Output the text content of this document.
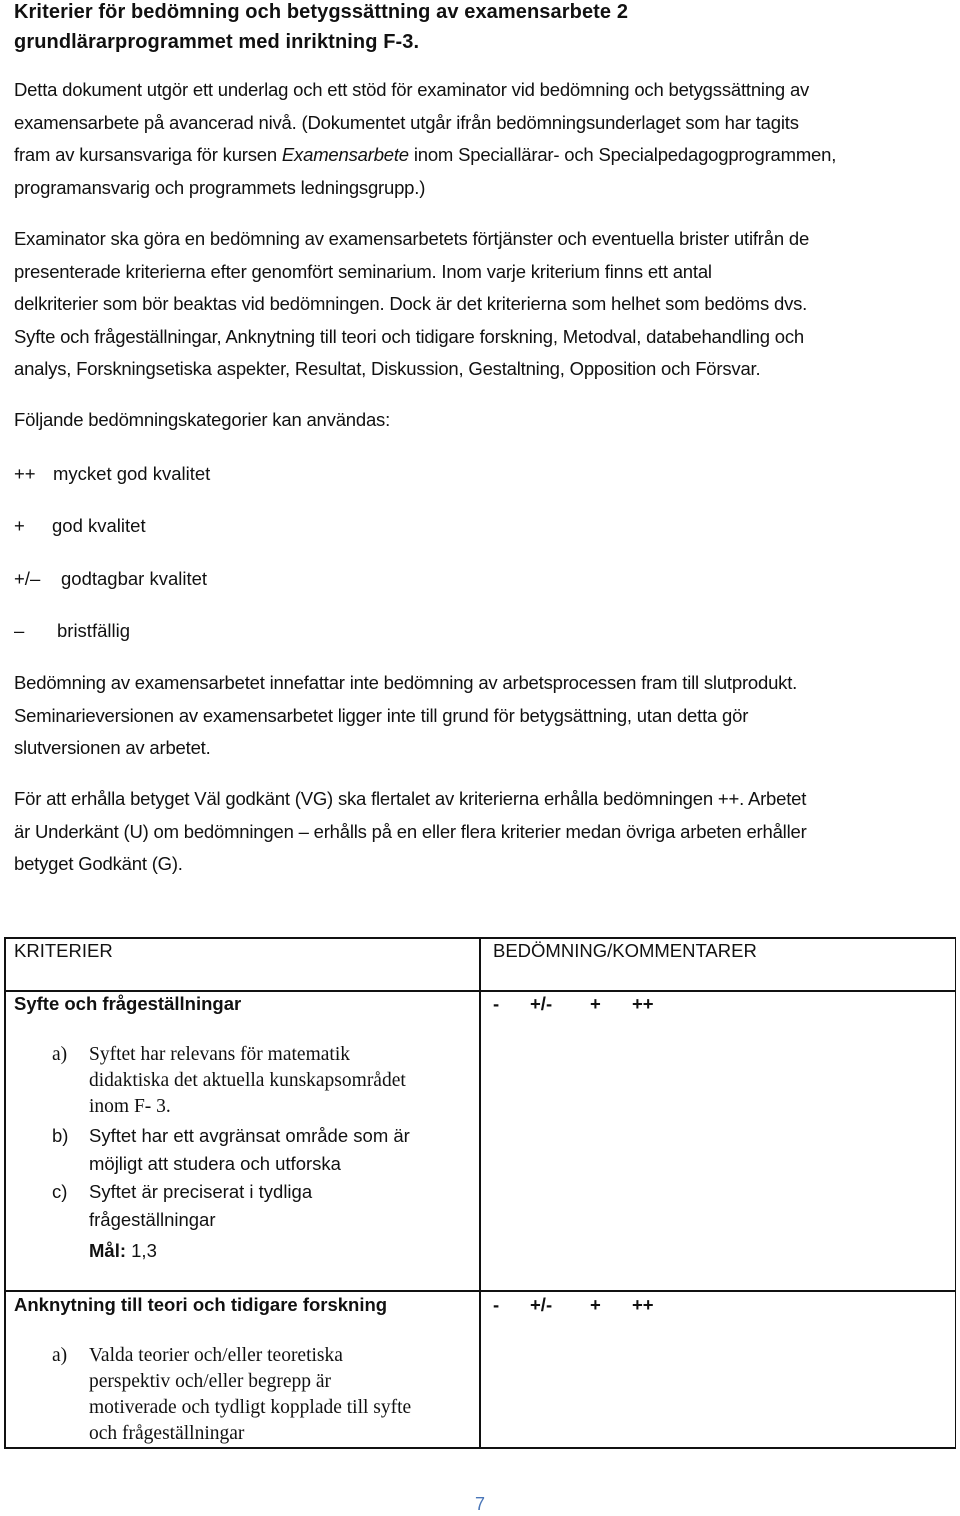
Kriterier för bedömning och betygssättning av examensarbete 2
grundlärarprogrammet med inriktning F-3.
Detta dokument utgör ett underlag och ett stöd för examinator vid bedömning och betygssättning av
examensarbete på avancerad nivå. (Dokumentet utgår ifrån bedömningsunderlaget som har tagits
fram av kursansvariga för kursen Examensarbete inom Speciallärar- och Specialpedagogprogrammen,
programansvarig och programmets ledningsgrupp.)
Examinator ska göra en bedömning av examensarbetets förtjänster och eventuella brister utifrån de
presenterade kriterierna efter genomfört seminarium. Inom varje kriterium finns ett antal
delkriterier som bör beaktas vid bedömningen. Dock är det kriterierna som helhet som bedöms dvs.
Syfte och frågeställningar, Anknytning till teori och tidigare forskning, Metodval, databehandling och
analys, Forskningsetiska aspekter, Resultat, Diskussion, Gestaltning, Opposition och Försvar.
Följande bedömningskategorier kan användas:
++ mycket god kvalitet
+ god kvalitet
+/– godtagbar kvalitet
– bristfällig
Bedömning av examensarbetet innefattar inte bedömning av arbetsprocessen fram till slutprodukt.
Seminarieversionen av examensarbetet ligger inte till grund för betygsättning, utan detta gör
slutversionen av arbetet.
För att erhålla betyget Väl godkänt (VG) ska flertalet av kriterierna erhålla bedömningen ++. Arbetet
är Underkänt (U) om bedömningen – erhålls på en eller flera kriterier medan övriga arbeten erhåller
betyget Godkänt (G).
KRITERIER	BEDÖMNING/KOMMENTARER
Syfte och frågeställningar	- +/- + ++
a) Syftet har relevans för matematik
didaktiska det aktuella kunskapsområdet
inom F- 3.
b) Syftet har ett avgränsat område som är
möjligt att studera och utforska
c) Syftet är preciserat i tydliga
frågeställningar
Mål: 1,3
Anknytning till teori och tidigare forskning	- +/- + ++
a) Valda teorier och/eller teoretiska
perspektiv och/eller begrepp är
motiverade och tydligt kopplade till syfte
och frågeställningar
7
